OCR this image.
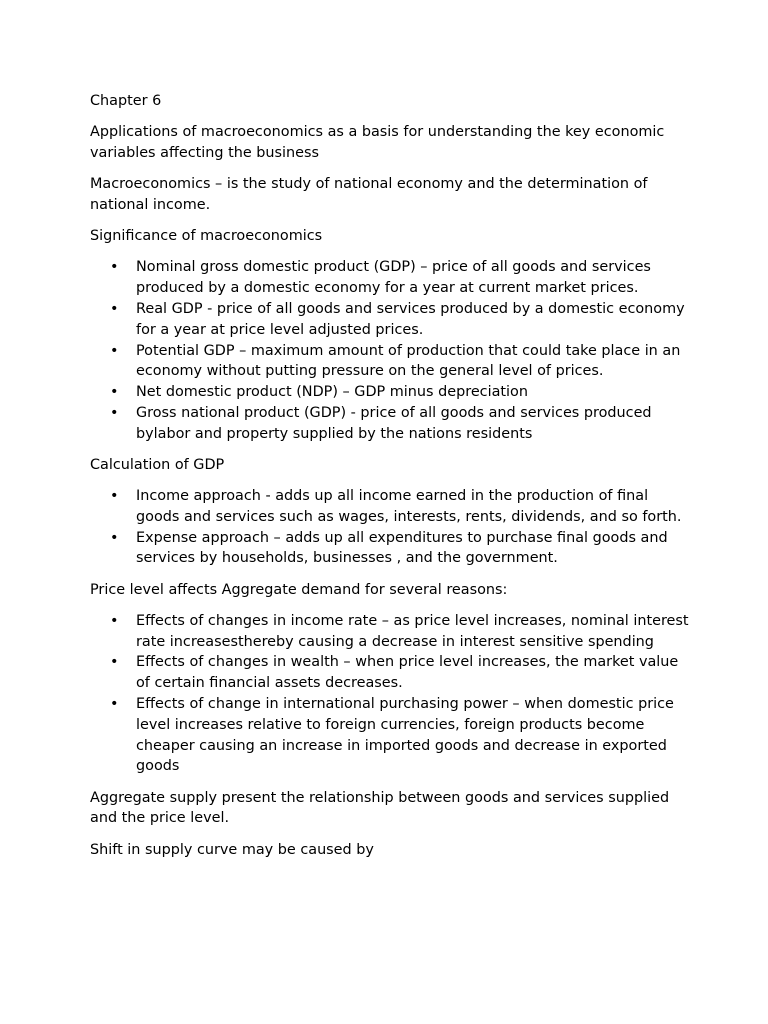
Chapter 6

Applications of macroeconomics as a basis for understanding the key economic variables affecting the business

Macroeconomics – is the study of national economy and the determination of national income.

Significance of macroeconomics

• Nominal gross domestic product (GDP) – price of all goods and services produced by a domestic economy for a year at current market prices.
• Real GDP - price of all goods and services produced by a domestic economy for a year at price level adjusted prices.
• Potential GDP – maximum amount of production that could take place in an economy without putting pressure on the general level of prices.
• Net domestic product (NDP) – GDP minus depreciation
• Gross national product (GDP) - price of all goods and services produced bylabor and property supplied by the nations residents

Calculation of GDP

• Income approach - adds up all income earned in the production of final goods and services such as wages, interests, rents, dividends, and so forth.
• Expense approach – adds up all expenditures to purchase final goods and services by households, businesses , and the government.

Price level affects Aggregate demand for several reasons:

• Effects of changes in income rate – as price level increases, nominal interest rate increasesthereby causing a decrease in interest sensitive spending
• Effects of changes in wealth – when price level increases, the market value of certain financial assets decreases.
• Effects of change in international purchasing power – when domestic price level increases relative to foreign currencies, foreign products become cheaper causing an increase in imported goods and decrease in exported goods

Aggregate supply present the relationship between goods and services supplied and the price level.

Shift in supply curve may be caused by
